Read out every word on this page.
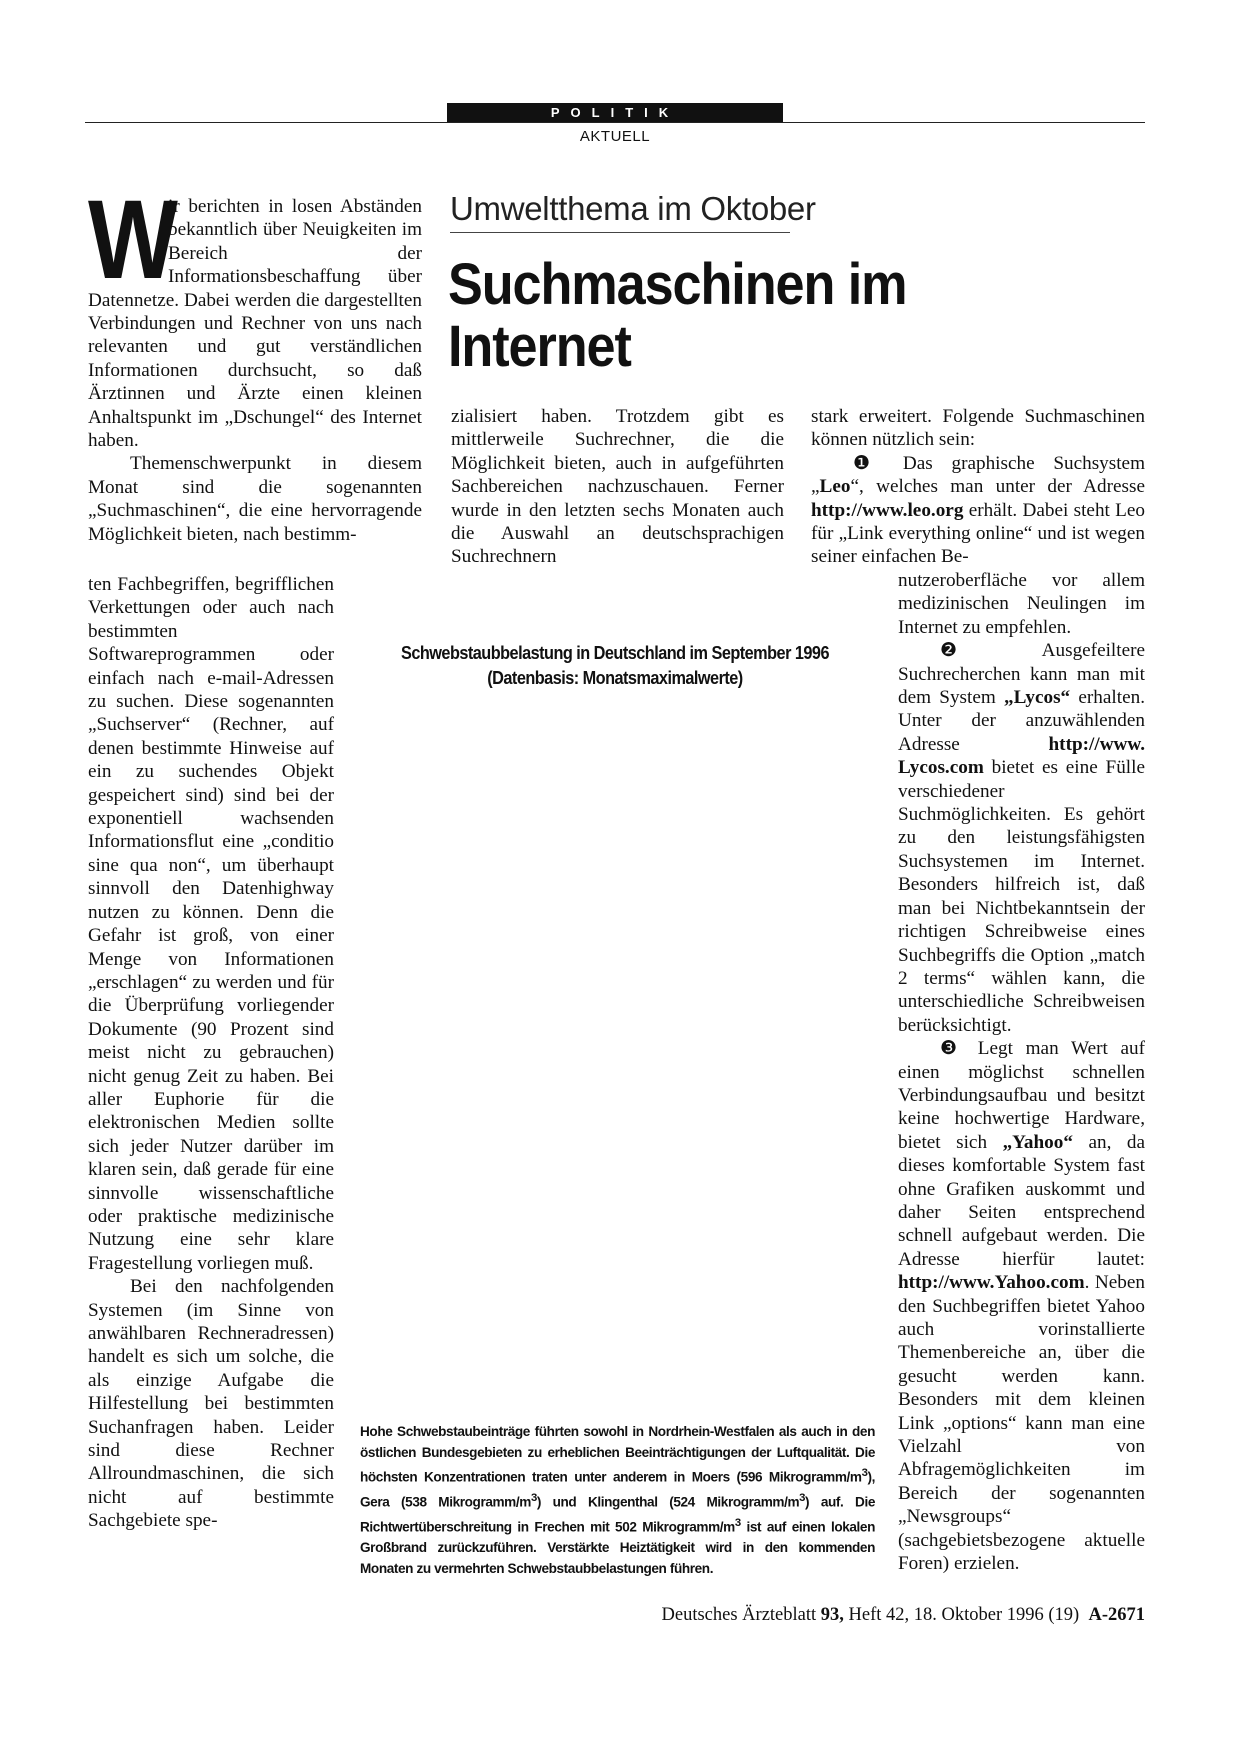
POLITIK
AKTUELL

W
ir berichten in losen Abständen bekanntlich über Neuigkeiten im Bereich der Informationsbeschaffung über Datennetze. Dabei werden die dargestellten Verbindungen und Rechner von uns nach relevanten und gut verständlichen Informationen durchsucht, so daß Ärztinnen und Ärzte einen kleinen Anhaltspunkt im „Dschungel“ des Internet haben.

Themenschwerpunkt in diesem Monat sind die sogenannten „Suchmaschinen“, die eine hervorragende Möglichkeit bieten, nach bestimm-

ten Fachbegriffen, begrifflichen Verkettungen oder auch nach bestimmten Softwareprogrammen oder einfach nach e-mail-Adressen zu suchen. Diese sogenannten „Suchserver“ (Rechner, auf denen bestimmte Hinweise auf ein zu suchendes Objekt gespeichert sind) sind bei der exponentiell wachsenden Informationsflut eine „conditio sine qua non“, um überhaupt sinnvoll den Datenhighway nutzen zu können. Denn die Gefahr ist groß, von einer Menge von Informationen „erschlagen“ zu werden und für die Überprüfung vorliegender Dokumente (90 Prozent sind meist nicht zu gebrauchen) nicht genug Zeit zu haben. Bei aller Euphorie für die elektronischen Medien sollte sich jeder Nutzer darüber im klaren sein, daß gerade für eine sinnvolle wissenschaftliche oder praktische medizinische Nutzung eine sehr klare Fragestellung vorliegen muß.

Bei den nachfolgenden Systemen (im Sinne von anwählbaren Rechneradressen) handelt es sich um solche, die als einzige Aufgabe die Hilfestellung bei bestimmten Suchanfragen haben. Leider sind diese Rechner Allroundmaschinen, die sich nicht auf bestimmte Sachgebiete spe-

Umweltthema im Oktober
Suchmaschinen im
Internet

zialisiert haben. Trotzdem gibt es mittlerweile Suchrechner, die die Möglichkeit bieten, auch in aufgeführten Sachbereichen nachzuschauen. Ferner wurde in den letzten sechs Monaten auch die Auswahl an deutschsprachigen Suchrechnern

stark erweitert. Folgende Suchmaschinen können nützlich sein:

❶ Das graphische Suchsystem „Leo“, welches man unter der Adresse http://www.leo.org erhält. Dabei steht Leo für „Link everything online“ und ist wegen seiner einfachen Be-

nutzeroberfläche vor allem medizinischen Neulingen im Internet zu empfehlen.

❷ Ausgefeiltere Suchrecherchen kann man mit dem System „Lycos“ erhalten. Unter der anzuwählenden Adresse http://www. Lycos.com bietet es eine Fülle verschiedener Suchmöglichkeiten. Es gehört zu den leistungsfähigsten Suchsystemen im Internet. Besonders hilfreich ist, daß man bei Nichtbekanntsein der richtigen Schreibweise eines Suchbegriffs die Option „match 2 terms“ wählen kann, die unterschiedliche Schreibweisen berücksichtigt.

❸ Legt man Wert auf einen möglichst schnellen Verbindungsaufbau und besitzt keine hochwertige Hardware, bietet sich „Yahoo“ an, da dieses komfortable System fast ohne Grafiken auskommt und daher Seiten entsprechend schnell aufgebaut werden. Die Adresse hierfür lautet: http://www.Yahoo.com. Neben den Suchbegriffen bietet Yahoo auch vorinstallierte Themenbereiche an, über die gesucht werden kann. Besonders mit dem kleinen Link „options“ kann man eine Vielzahl von Abfragemöglichkeiten im Bereich der sogenannten „Newsgroups“ (sachgebietsbezogene aktuelle Foren) erzielen.

Schwebstaubbelastung in Deutschland im September 1996
(Datenbasis: Monatsmaximalwerte)
Hohe Schwebstaubeinträge führten sowohl in Nordrhein-Westfalen als auch in den östlichen Bundesgebieten zu erheblichen Beeinträchtigungen der Luftqualität. Die höchsten Konzentrationen traten unter anderem in Moers (596 Mikrogramm/$m^3$), Gera (538 Mikrogramm/$m^3$) und Klingenthal (524 Mikrogramm/$m^3$) auf. Die Richtwertüberschreitung in Frechen mit 502 Mikrogramm/$m^3$ ist auf einen lokalen Großbrand zurückzuführen. Verstärkte Heiztätigkeit wird in den kommenden Monaten zu vermehrten Schwebstaubbelastungen führen.
Deutsches Ärzteblatt 93, Heft 42, 18. Oktober 1996 (19) A-2671
